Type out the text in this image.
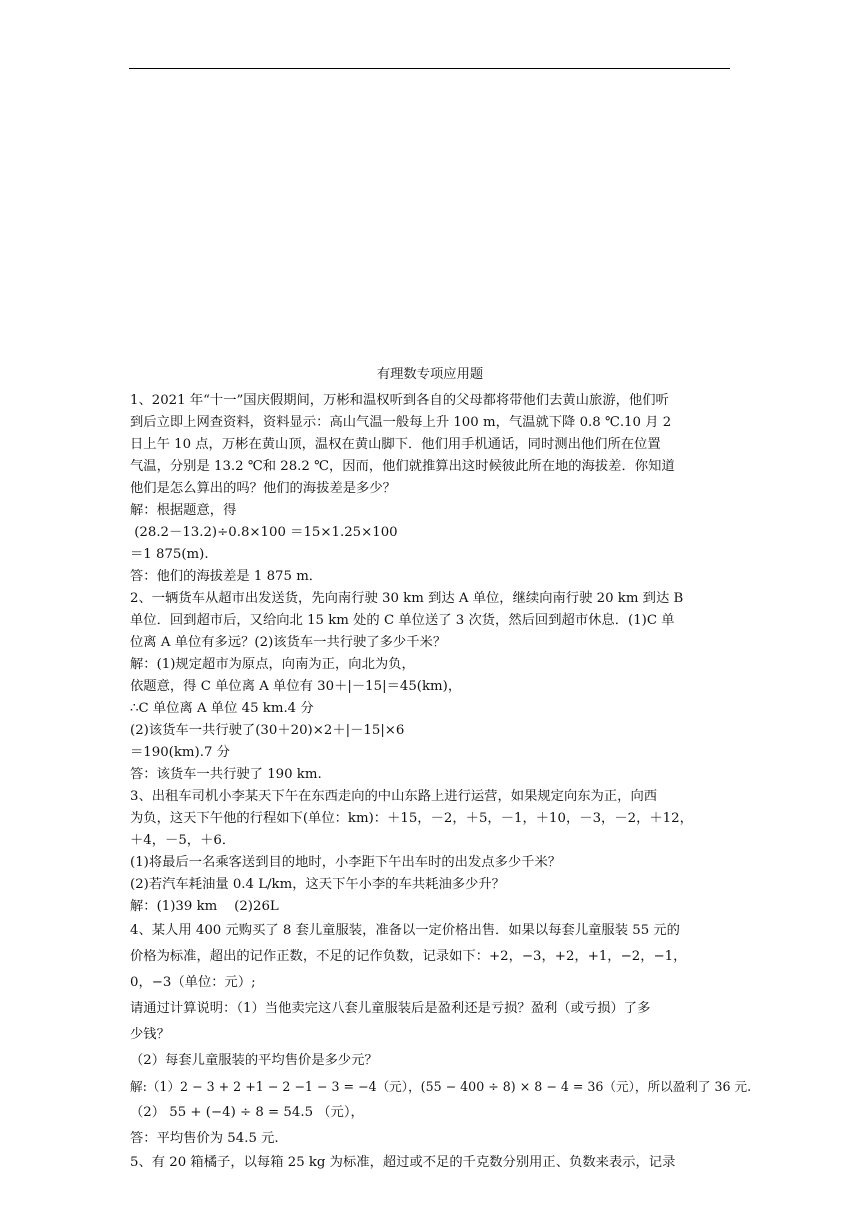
有理数专项应用题

1、2021 年“十一”国庆假期间，万彬和温权听到各自的父母都将带他们去黄山旅游，他们听

到后立即上网查资料，资料显示：高山气温一般每上升 100 m，气温就下降 0.8 ℃.10 月 2

日上午 10 点，万彬在黄山顶，温权在黄山脚下．他们用手机通话，同时测出他们所在位置

气温，分别是 13.2 ℃和 28.2 ℃，因而，他们就推算出这时候彼此所在地的海拔差．你知道

他们是怎么算出的吗？他们的海拔差是多少？

解：根据题意，得

(28.2－13.2)÷0.8×100 ＝15×1.25×100

＝1 875(m).

答：他们的海拔差是 1 875 m．

2、一辆货车从超市出发送货，先向南行驶 30 km 到达 A 单位，继续向南行驶 20 km 到达 B

单位．回到超市后，又给向北 15 km 处的 C 单位送了 3 次货，然后回到超市休息．(1)C 单

位离 A 单位有多远？(2)该货车一共行驶了多少千米？

解：(1)规定超市为原点，向南为正，向北为负，

依题意，得 C 单位离 A 单位有 30＋|－15|＝45(km)，

∴C 单位离 A 单位 45 km.4 分

(2)该货车一共行驶了(30＋20)×2＋|－15|×6

＝190(km).7 分

答：该货车一共行驶了 190 km.

3、出租车司机小李某天下午在东西走向的中山东路上进行运营，如果规定向东为正，向西

为负，这天下午他的行程如下(单位：km)：＋15，－2，＋5，－1，＋10，－3，－2，＋12，

＋4，－5，＋6．

(1)将最后一名乘客送到目的地时，小李距下午出车时的出发点多少千米？

(2)若汽车耗油量 0.4 L/km，这天下午小李的车共耗油多少升？

解：(1)39 km    (2)26L

4、某人用 400 元购买了 8 套儿童服装，准备以一定价格出售．如果以每套儿童服装 55 元的

价格为标准，超出的记作正数，不足的记作负数，记录如下：+2，−3，+2，+1，−2，−1，

0，−3（单位：元）;

请通过计算说明：（1）当他卖完这八套儿童服装后是盈利还是亏损？盈利（或亏损）了多

少钱？

（2）每套儿童服装的平均售价是多少元？

解:（1）2 − 3 + 2 +1 − 2 −1 − 3 = −4（元），(55 − 400 ÷ 8) × 8 − 4 = 36（元），所以盈利了 36 元.

（2） 55 + (−4) ÷ 8 = 54.5 （元），

答：平均售价为 54.5 元.

5、有 20 箱橘子，以每箱 25 kg 为标准，超过或不足的千克数分别用正、负数来表示，记录
